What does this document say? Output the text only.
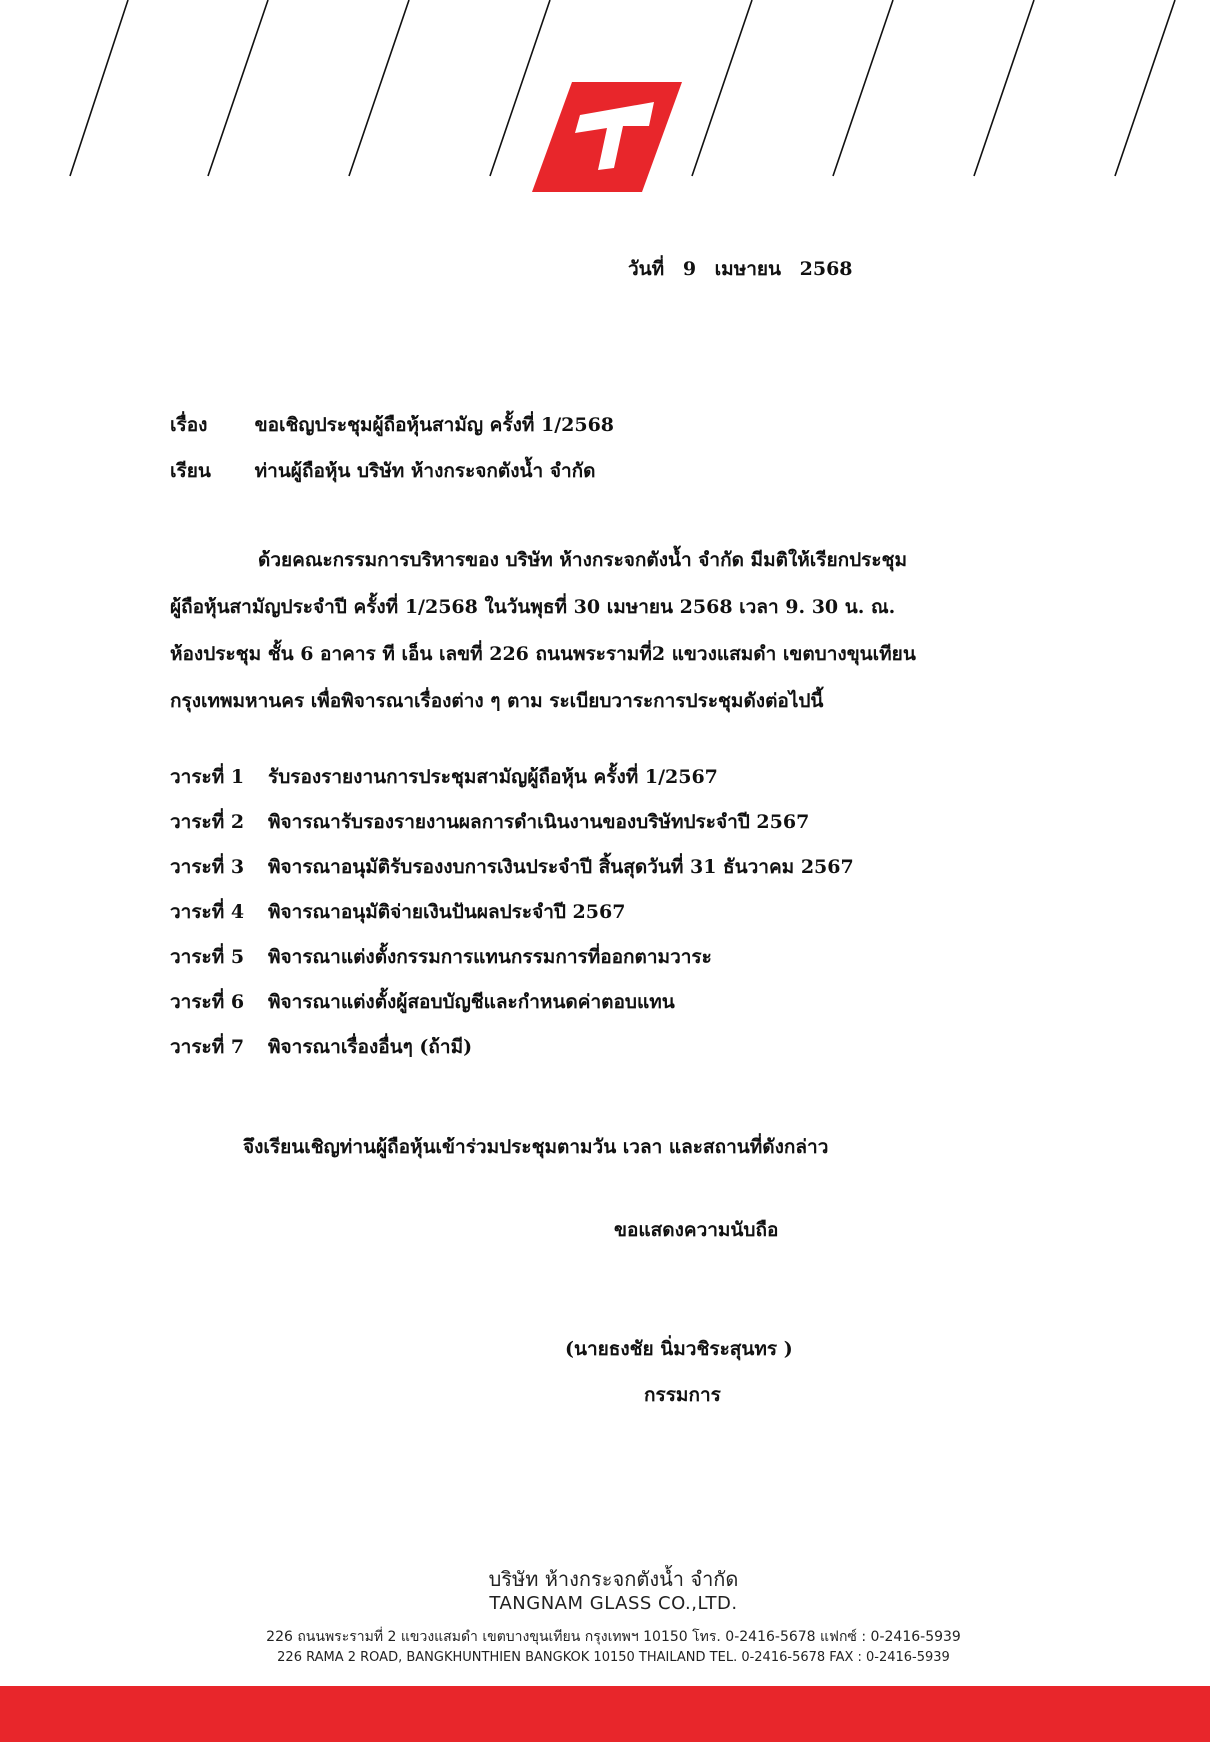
วันที่ 9 เมษายน 2568
เรื่อง ขอเชิญประชุมผู้ถือหุ้นสามัญ ครั้งที่ 1/2568
เรียน ท่านผู้ถือหุ้น บริษัท ห้างกระจกตังน้ำ จำกัด
ด้วยคณะกรรมการบริหารของ บริษัท ห้างกระจกตังน้ำ จำกัด มีมติให้เรียกประชุม
ผู้ถือหุ้นสามัญประจำปี ครั้งที่ 1/2568 ในวันพุธที่ 30 เมษายน 2568 เวลา 9. 30 น. ณ.
ห้องประชุม ชั้น 6 อาคาร ที เอ็น เลขที่ 226 ถนนพระรามที่2 แขวงแสมดำ เขตบางขุนเทียน
กรุงเทพมหานคร เพื่อพิจารณาเรื่องต่าง ๆ ตาม ระเบียบวาระการประชุมดังต่อไปนี้
วาระที่ 1 รับรองรายงานการประชุมสามัญผู้ถือหุ้น ครั้งที่ 1/2567
วาระที่ 2 พิจารณารับรองรายงานผลการดำเนินงานของบริษัทประจำปี 2567
วาระที่ 3 พิจารณาอนุมัติรับรองงบการเงินประจำปี สิ้นสุดวันที่ 31 ธันวาคม 2567
วาระที่ 4 พิจารณาอนุมัติจ่ายเงินปันผลประจำปี 2567
วาระที่ 5 พิจารณาแต่งตั้งกรรมการแทนกรรมการที่ออกตามวาระ
วาระที่ 6 พิจารณาแต่งตั้งผู้สอบบัญชีและกำหนดค่าตอบแทน
วาระที่ 7 พิจารณาเรื่องอื่นๆ (ถ้ามี)
จึงเรียนเชิญท่านผู้ถือหุ้นเข้าร่วมประชุมตามวัน เวลา และสถานที่ดังกล่าว
ขอแสดงความนับถือ
(นายธงชัย นิ่มวชิระสุนทร )
กรรมการ
บริษัท ห้างกระจกตังน้ำ จำกัด
TANGNAM GLASS CO.,LTD.
226 ถนนพระรามที่ 2 แขวงแสมดำ เขตบางขุนเทียน กรุงเทพฯ 10150 โทร. 0-2416-5678 แฟกซ์ : 0-2416-5939
226 RAMA 2 ROAD, BANGKHUNTHIEN BANGKOK 10150 THAILAND TEL. 0-2416-5678 FAX : 0-2416-5939
